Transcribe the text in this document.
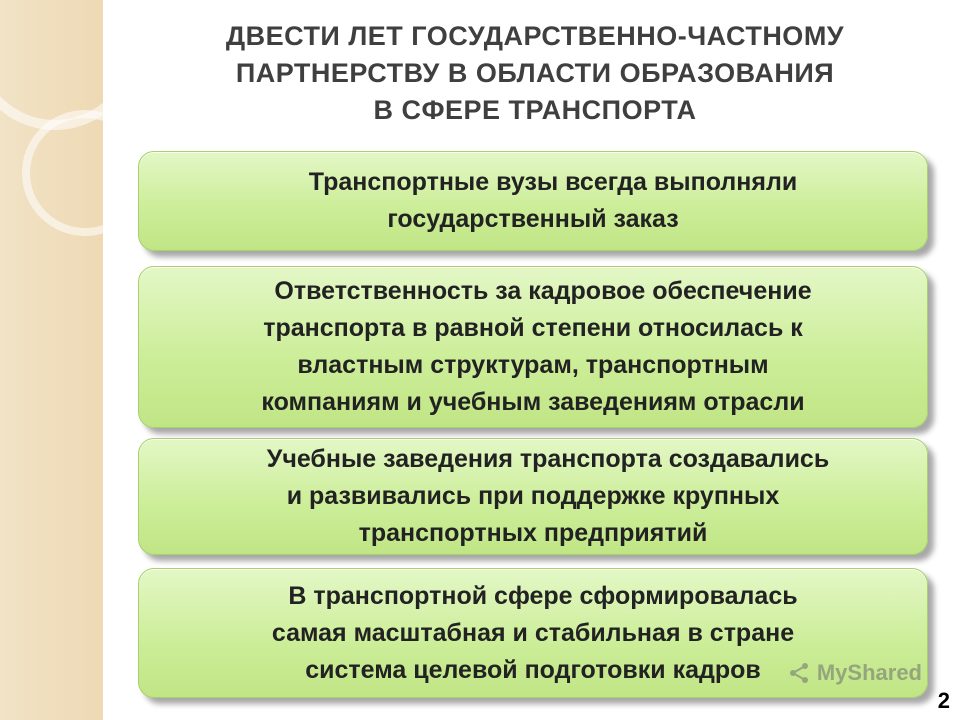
ДВЕСТИ ЛЕТ ГОСУДАРСТВЕННО-ЧАСТНОМУ
ПАРТНЕРСТВУ В ОБЛАСТИ ОБРАЗОВАНИЯ
В СФЕРЕ ТРАНСПОРТА

Транспортные вузы всегда выполняли
государственный заказ

Ответственность за кадровое обеспечение
транспорта в равной степени относилась к
властным структурам, транспортным
компаниям и учебным заведениям отрасли

Учебные заведения транспорта создавались
и развивались при поддержке крупных
транспортных предприятий

В транспортной сфере сформировалась
самая масштабная и стабильная в стране
система целевой подготовки кадров	MyShared
2
